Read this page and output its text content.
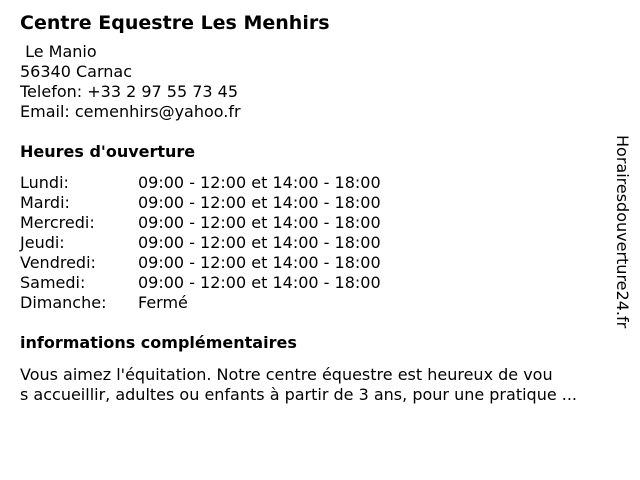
Centre Equestre Les Menhirs
Le Manio
56340 Carnac
Telefon: +33 2 97 55 73 45
Email: cemenhirs@yahoo.fr
Heures d'ouverture
Lundi:	09:00 - 12:00 et 14:00 - 18:00
Mardi:	09:00 - 12:00 et 14:00 - 18:00
Mercredi:	09:00 - 12:00 et 14:00 - 18:00
Jeudi:	09:00 - 12:00 et 14:00 - 18:00
Vendredi:	09:00 - 12:00 et 14:00 - 18:00
Samedi:	09:00 - 12:00 et 14:00 - 18:00
Dimanche:	Fermé
informations complémentaires
Vous aimez l'équitation. Notre centre équestre est heureux de vou
s accueillir, adultes ou enfants à partir de 3 ans, pour une pratique ...
Horairesdouverture24.fr
